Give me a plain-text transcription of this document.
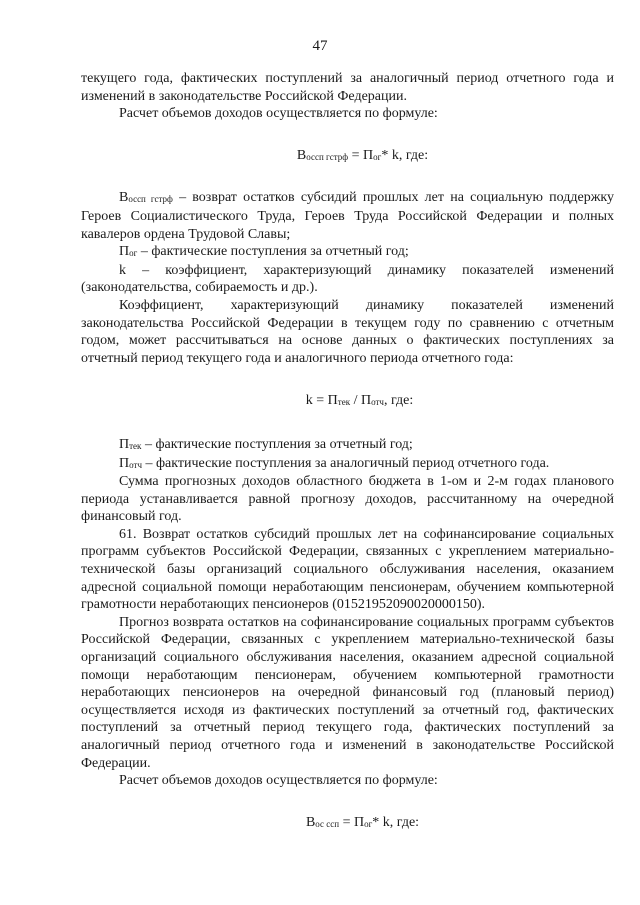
47

текущего года, фактических поступлений за аналогичный период отчетного года и изменений в законодательстве Российской Федерации.

Расчет объемов доходов осуществляется по формуле:

Воссп гстрф = Пог* k, где:

Воссп гстрф – возврат остатков субсидий прошлых лет на социальную поддержку Героев Социалистического Труда, Героев Труда Российской Федерации и полных кавалеров ордена Трудовой Славы;

Пог – фактические поступления за отчетный год;

k – коэффициент, характеризующий динамику показателей изменений (законодательства, собираемость и др.).

Коэффициент, характеризующий динамику показателей изменений законодательства Российской Федерации в текущем году по сравнению с отчетным годом, может рассчитываться на основе данных о фактических поступлениях за отчетный период текущего года и аналогичного периода отчетного года:

k = Птек / Потч, где:

Птек – фактические поступления за отчетный год;

Потч – фактические поступления за аналогичный период отчетного года.

Сумма прогнозных доходов областного бюджета в 1-ом и 2-м годах планового периода устанавливается равной прогнозу доходов, рассчитанному на очередной финансовый год.

61. Возврат остатков субсидий прошлых лет на софинансирование социальных программ субъектов Российской Федерации, связанных с укреплением материально-технической базы организаций социального обслуживания населения, оказанием адресной социальной помощи неработающим пенсионерам, обучением компьютерной грамотности неработающих пенсионеров (01521952090020000150).

Прогноз возврата остатков на софинансирование социальных программ субъектов Российской Федерации, связанных с укреплением материально-технической базы организаций социального обслуживания населения, оказанием адресной социальной помощи неработающим пенсионерам, обучением компьютерной грамотности неработающих пенсионеров на очередной финансовый год (плановый период) осуществляется исходя из фактических поступлений за отчетный год, фактических поступлений за отчетный период текущего года, фактических поступлений за аналогичный период отчетного года и изменений в законодательстве Российской Федерации.

Расчет объемов доходов осуществляется по формуле:

Вос ссп = Пог* k, где:
